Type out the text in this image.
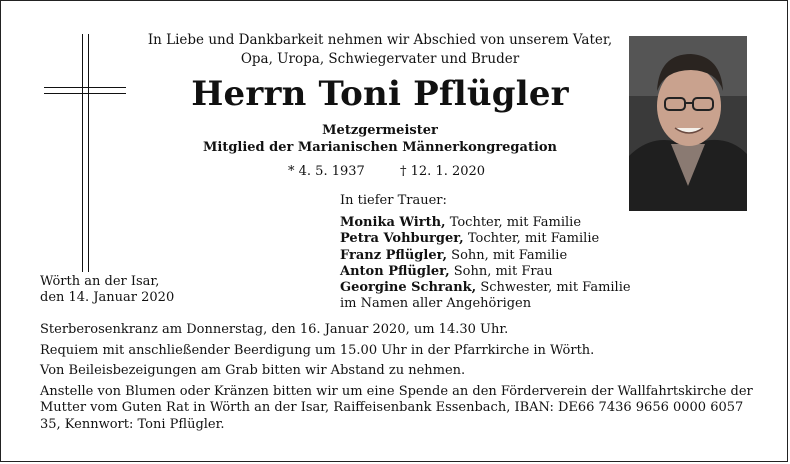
In Liebe und Dankbarkeit nehmen wir Abschied von unserem Vater,
Opa, Uropa, Schwiegervater und Bruder
Herrn Toni Pflügler
Metzgermeister
Mitglied der Marianischen Männerkongregation
* 4. 5. 1937	† 12. 1. 2020
In tiefer Trauer:
Monika Wirth, Tochter, mit Familie
Petra Vohburger, Tochter, mit Familie
Franz Pflügler, Sohn, mit Familie
Anton Pflügler, Sohn, mit Frau
Georgine Schrank, Schwester, mit Familie
im Namen aller Angehörigen
Wörth an der Isar,
den 14. Januar 2020

Sterberosenkranz am Donnerstag, den 16. Januar 2020, um 14.30 Uhr.

Requiem mit anschließender Beerdigung um 15.00 Uhr in der Pfarrkirche in Wörth.

Von Beileisbezeigungen am Grab bitten wir Abstand zu nehmen.

Anstelle von Blumen oder Kränzen bitten wir um eine Spende an den Förderverein der Wallfahrtskirche der Mutter vom Guten Rat in Wörth an der Isar, Raiffeisenbank Essenbach, IBAN: DE66 7436 9656 0000 6057 35, Kennwort: Toni Pflügler.
